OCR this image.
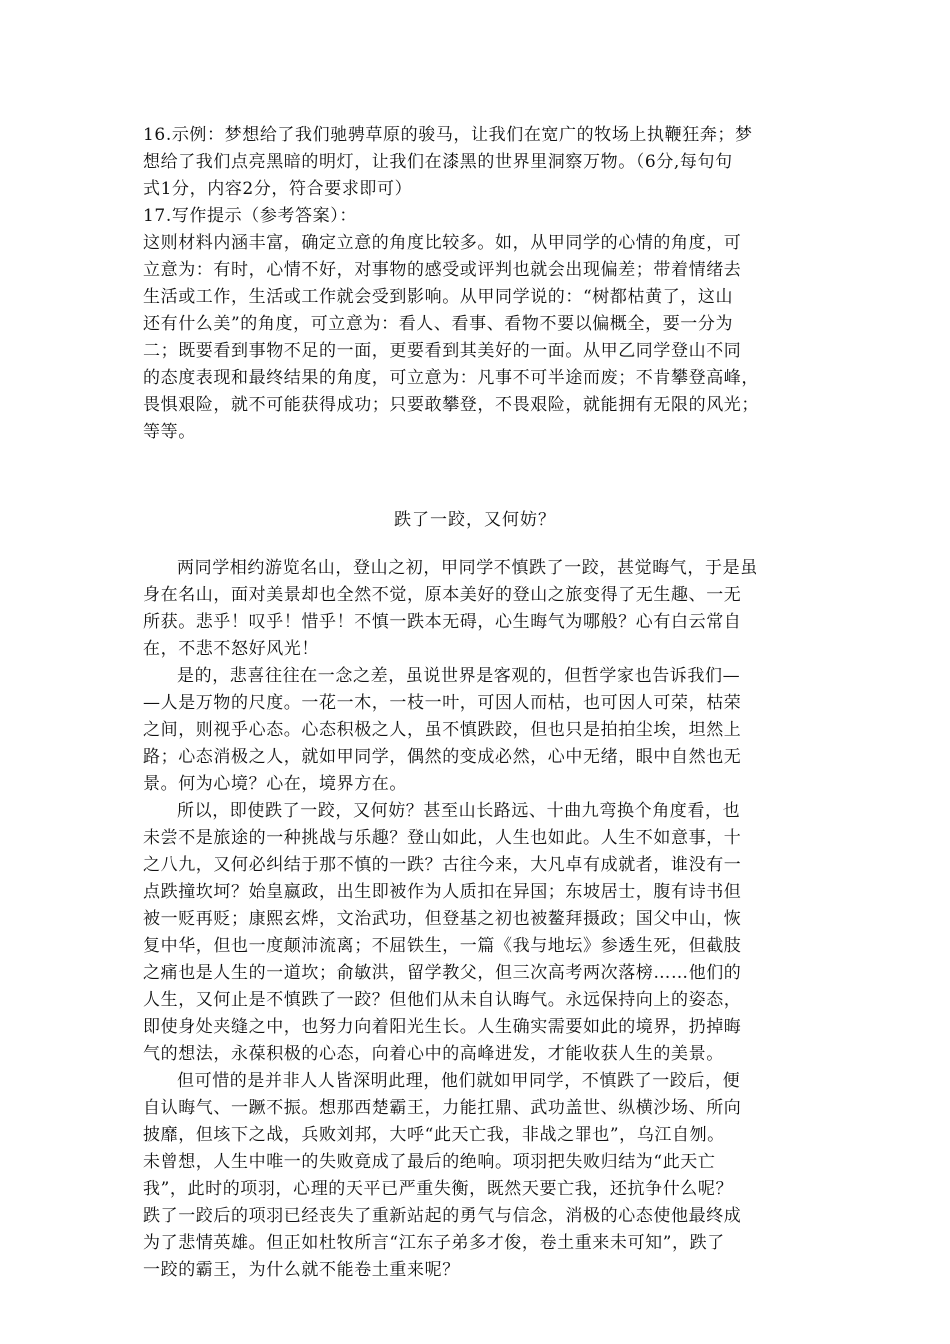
16.示例：梦想给了我们驰骋草原的骏马，让我们在宽广的牧场上执鞭狂奔；梦
想给了我们点亮黑暗的明灯，让我们在漆黑的世界里洞察万物。（6分,每句句
式1分，内容2分，符合要求即可）
17.写作提示（参考答案）：
这则材料内涵丰富，确定立意的角度比较多。如，从甲同学的心情的角度，可
立意为：有时，心情不好，对事物的感受或评判也就会出现偏差；带着情绪去
生活或工作，生活或工作就会受到影响。从甲同学说的：“树都枯黄了，这山
还有什么美”的角度，可立意为：看人、看事、看物不要以偏概全，要一分为
二；既要看到事物不足的一面，更要看到其美好的一面。从甲乙同学登山不同
的态度表现和最终结果的角度，可立意为：凡事不可半途而废；不肯攀登高峰，
畏惧艰险，就不可能获得成功；只要敢攀登，不畏艰险，就能拥有无限的风光；
等等。
跌了一跤，又何妨？
两同学相约游览名山，登山之初，甲同学不慎跌了一跤，甚觉晦气，于是虽
身在名山，面对美景却也全然不觉，原本美好的登山之旅变得了无生趣、一无
所获。悲乎！叹乎！惜乎！不慎一跌本无碍，心生晦气为哪般？心有白云常自
在，不悲不怒好风光！
是的，悲喜往往在一念之差，虽说世界是客观的，但哲学家也告诉我们—
—人是万物的尺度。一花一木，一枝一叶，可因人而枯，也可因人可荣，枯荣
之间，则视乎心态。心态积极之人，虽不慎跌跤，但也只是拍拍尘埃，坦然上
路；心态消极之人，就如甲同学，偶然的变成必然，心中无绪，眼中自然也无
景。何为心境？心在，境界方在。
所以，即使跌了一跤，又何妨？甚至山长路远、十曲九弯换个角度看，也
未尝不是旅途的一种挑战与乐趣？登山如此，人生也如此。人生不如意事，十
之八九，又何必纠结于那不慎的一跌？古往今来，大凡卓有成就者，谁没有一
点跌撞坎坷？始皇嬴政，出生即被作为人质扣在异国；东坡居士，腹有诗书但
被一贬再贬；康熙玄烨，文治武功，但登基之初也被鳌拜摄政；国父中山，恢
复中华，但也一度颠沛流离；不屈铁生，一篇《我与地坛》参透生死，但截肢
之痛也是人生的一道坎；俞敏洪，留学教父，但三次高考两次落榜……他们的
人生，又何止是不慎跌了一跤？但他们从未自认晦气。永远保持向上的姿态，
即使身处夹缝之中，也努力向着阳光生长。人生确实需要如此的境界，扔掉晦
气的想法，永葆积极的心态，向着心中的高峰进发，才能收获人生的美景。
但可惜的是并非人人皆深明此理，他们就如甲同学，不慎跌了一跤后，便
自认晦气、一蹶不振。想那西楚霸王，力能扛鼎、武功盖世、纵横沙场、所向
披靡，但垓下之战，兵败刘邦，大呼“此天亡我，非战之罪也”，乌江自刎。
未曾想，人生中唯一的失败竟成了最后的绝响。项羽把失败归结为“此天亡
我”，此时的项羽，心理的天平已严重失衡，既然天要亡我，还抗争什么呢？
跌了一跤后的项羽已经丧失了重新站起的勇气与信念，消极的心态使他最终成
为了悲情英雄。但正如杜牧所言“江东子弟多才俊，卷土重来未可知”，跌了
一跤的霸王，为什么就不能卷土重来呢？
